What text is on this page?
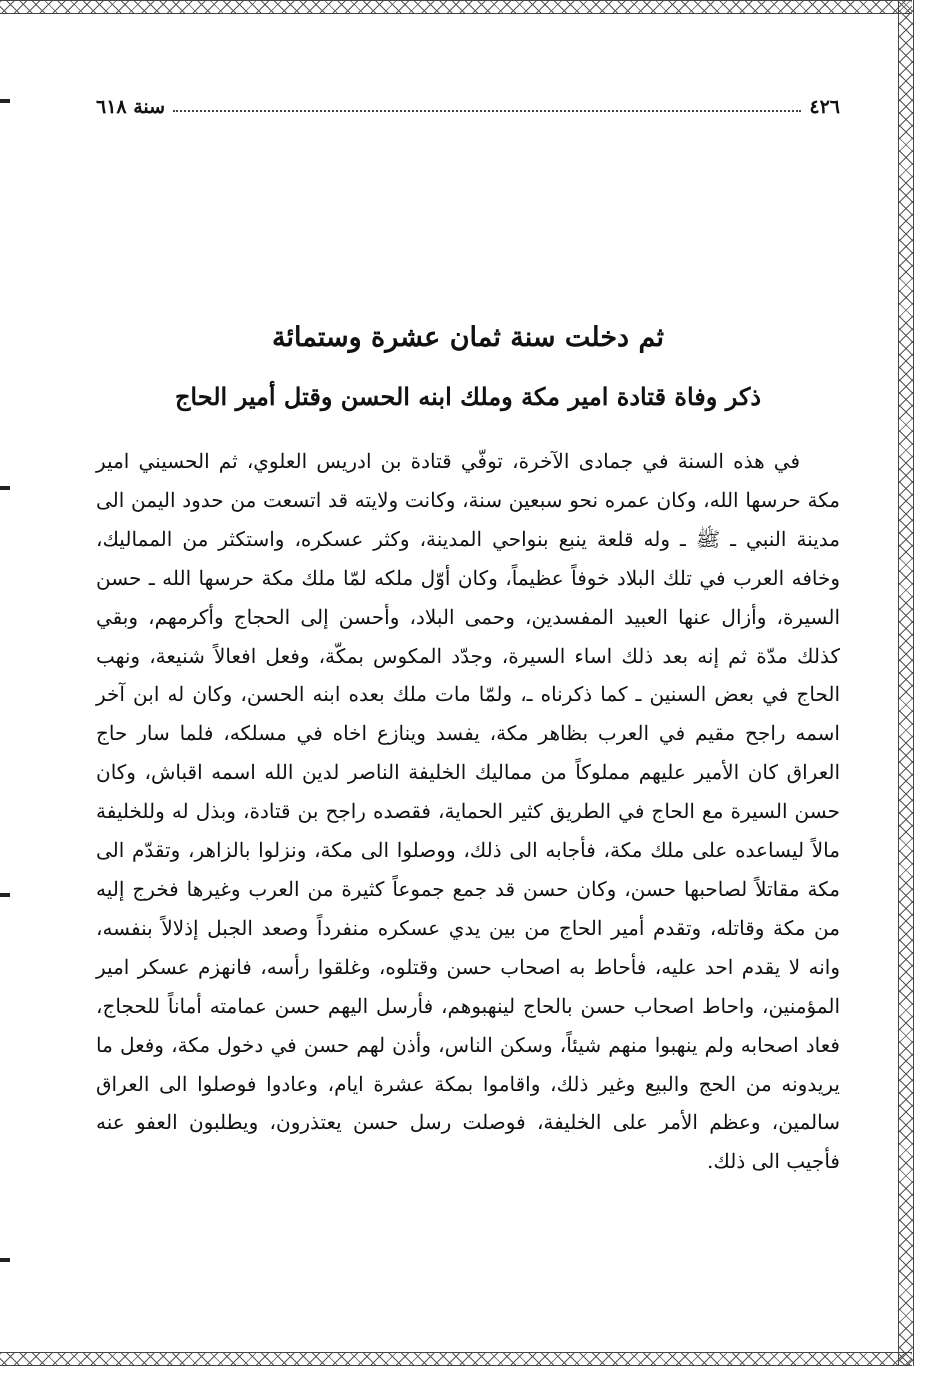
٤٢٦
سنة ٦١٨
ثم دخلت سنة ثمان عشرة وستمائة
ذكر وفاة قتادة امير مكة وملك ابنه الحسن وقتل أمير الحاج

في هذه السنة في جمادى الآخرة، توفّي قتادة بن ادريس العلوي، ثم الحسيني امير مكة حرسها الله، وكان عمره نحو سبعين سنة، وكانت ولايته قد اتسعت من حدود اليمن الى مدينة النبي ـ ﷺ ـ وله قلعة ينبع بنواحي المدينة، وكثر عسكره، واستكثر من المماليك، وخافه العرب في تلك البلاد خوفاً عظيماً، وكان أوّل ملكه لمّا ملك مكة حرسها الله ـ حسن السيرة، وأزال عنها العبيد المفسدين، وحمى البلاد، وأحسن إلى الحجاج وأكرمهم، وبقي كذلك مدّة ثم إنه بعد ذلك اساء السيرة، وجدّد المكوس بمكّة، وفعل افعالاً شنيعة، ونهب الحاج في بعض السنين ـ كما ذكرناه ـ، ولمّا مات ملك بعده ابنه الحسن، وكان له ابن آخر اسمه راجح مقيم في العرب بظاهر مكة، يفسد وينازع اخاه في مسلكه، فلما سار حاج العراق كان الأمير عليهم مملوكاً من مماليك الخليفة الناصر لدين الله اسمه اقباش، وكان حسن السيرة مع الحاج في الطريق كثير الحماية، فقصده راجح بن قتادة، وبذل له وللخليفة مالاً ليساعده على ملك مكة، فأجابه الى ذلك، ووصلوا الى مكة، ونزلوا بالزاهر، وتقدّم الى مكة مقاتلاً لصاحبها حسن، وكان حسن قد جمع جموعاً كثيرة من العرب وغيرها فخرج إليه من مكة وقاتله، وتقدم أمير الحاج من بين يدي عسكره منفرداً وصعد الجبل إذلالاً بنفسه، وانه لا يقدم احد عليه، فأحاط به اصحاب حسن وقتلوه، وغلقوا رأسه، فانهزم عسكر امير المؤمنين، واحاط اصحاب حسن بالحاج لينهبوهم، فأرسل اليهم حسن عمامته أماناً للحجاج، فعاد اصحابه ولم ينهبوا منهم شيئاً، وسكن الناس، وأذن لهم حسن في دخول مكة، وفعل ما يريدونه من الحج والبيع وغير ذلك، واقاموا بمكة عشرة ايام، وعادوا فوصلوا الى العراق سالمين، وعظم الأمر على الخليفة، فوصلت رسل حسن يعتذرون، ويطلبون العفو عنه فأجيب الى ذلك.
